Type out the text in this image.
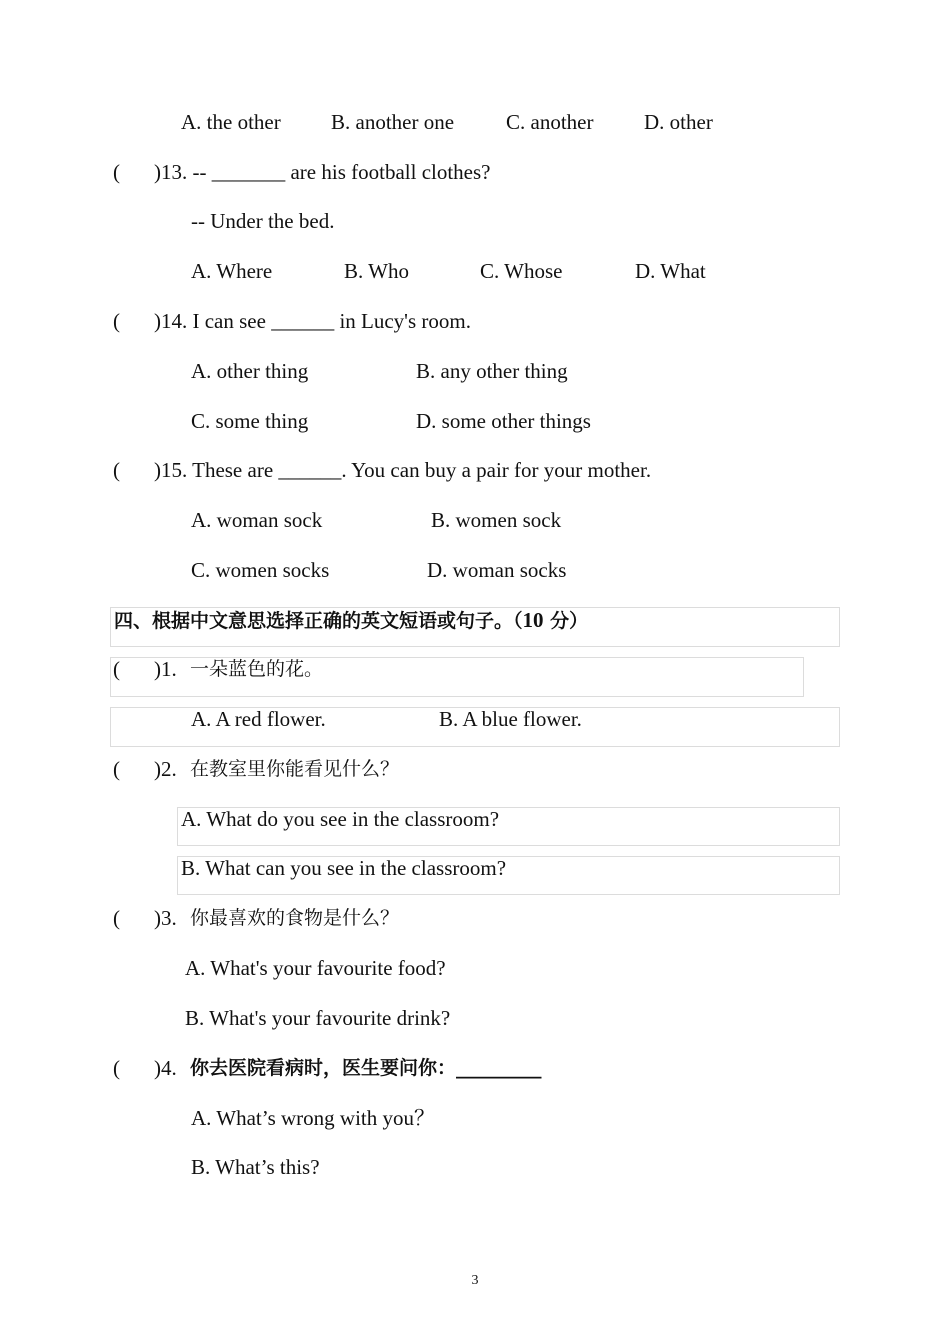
A. the other B. another one C. another D. other
( )13. -- _______ are his football clothes?
-- Under the bed.
A. Where	B. Who	C. Whose	D. What
( )14. I can see ______ in Lucy's room.
A. other thing	B. any other thing
C. some thing	D. some other things
( )15. These are ______. You can buy a pair for your mother.
A. woman sock	B. women sock
C. women socks	D. woman socks
四、根据中文意思选择正确的英文短语或句子。（10 分）
( )1. 一朵蓝色的花。
A. A red flower.	B. A blue flower.
( )2. 在教室里你能看见什么？
A. What do you see in the classroom?
B. What can you see in the classroom?
( )3. 你最喜欢的食物是什么？
A. What's your favourite food?
B. What's your favourite drink?
( )4. 你去医院看病时，医生要问你：_________
A. What’s wrong with you？
B. What’s this?
3
